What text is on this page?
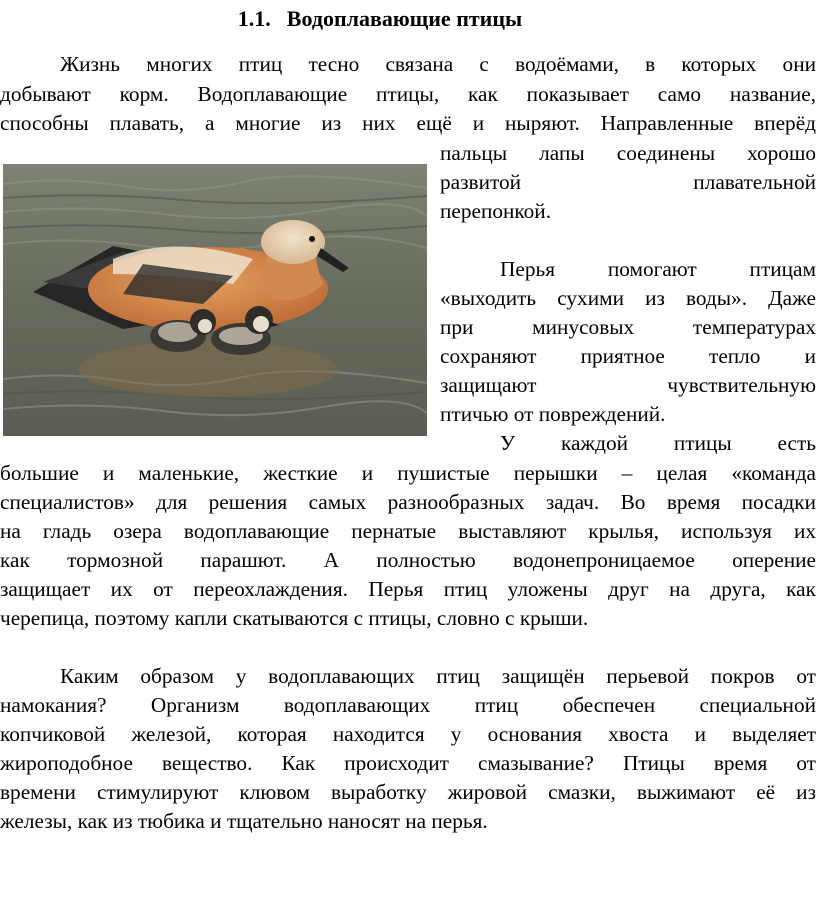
1.1. Водоплавающие птицы
Жизнь многих птиц тесно связана с водоёмами, в которых они
добывают корм. Водоплавающие птицы, как показывает само название,
способны плавать, а многие из них ещё и ныряют. Направленные вперёд
пальцы лапы соединены хорошо
развитой плавательной
перепонкой.
Перья помогают птицам
«выходить сухими из воды». Даже
при минусовых температурах
сохраняют приятное тепло и
защищают чувствительную
птичью от повреждений.
У каждой птицы есть
большие и маленькие, жесткие и пушистые перышки – целая «команда
специалистов» для решения самых разнообразных задач. Во время посадки
на гладь озера водоплавающие пернатые выставляют крылья, используя их
как тормозной парашют. А полностью водонепроницаемое оперение
защищает их от переохлаждения. Перья птиц уложены друг на друга, как
черепица, поэтому капли скатываются с птицы, словно с крыши.
Каким образом у водоплавающих птиц защищён перьевой покров от
намокания? Организм водоплавающих птиц обеспечен специальной
копчиковой железой, которая находится у основания хвоста и выделяет
жироподобное вещество. Как происходит смазывание? Птицы время от
времени стимулируют клювом выработку жировой смазки, выжимают её из
железы, как из тюбика и тщательно наносят на перья.
